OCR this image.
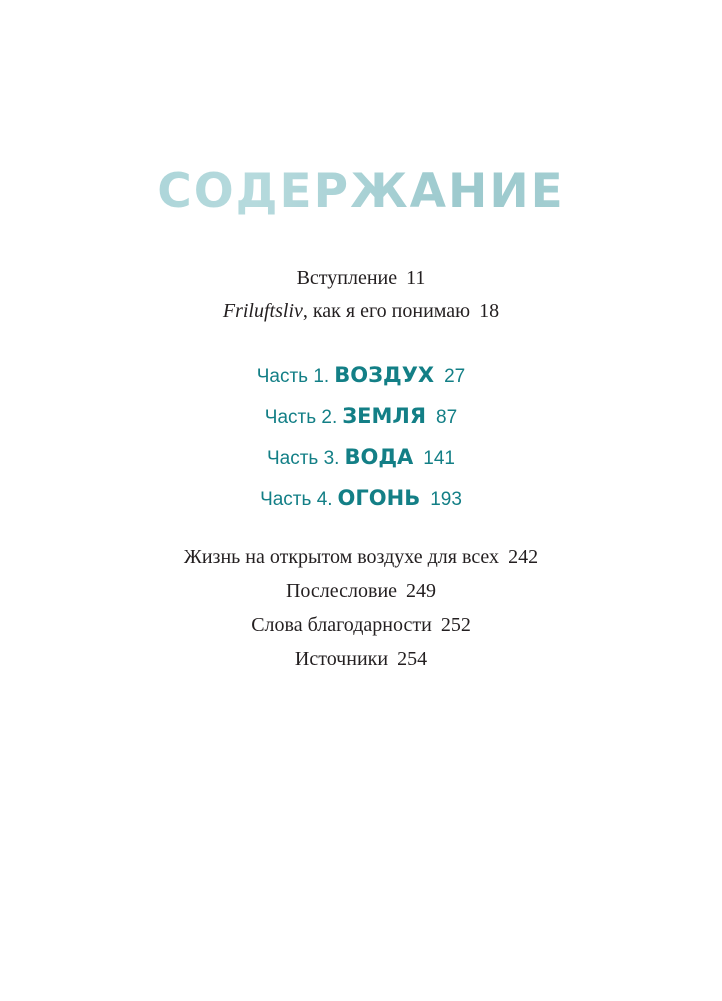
СОДЕРЖАНИЕ
Вступление 11
Friluftsliv, как я его понимаю 18
Часть 1. ВОЗДУХ 27
Часть 2. ЗЕМЛЯ 87
Часть 3. ВОДА 141
Часть 4. ОГОНЬ 193
Жизнь на открытом воздухе для всех 242
Послесловие 249
Слова благодарности 252
Источники 254
